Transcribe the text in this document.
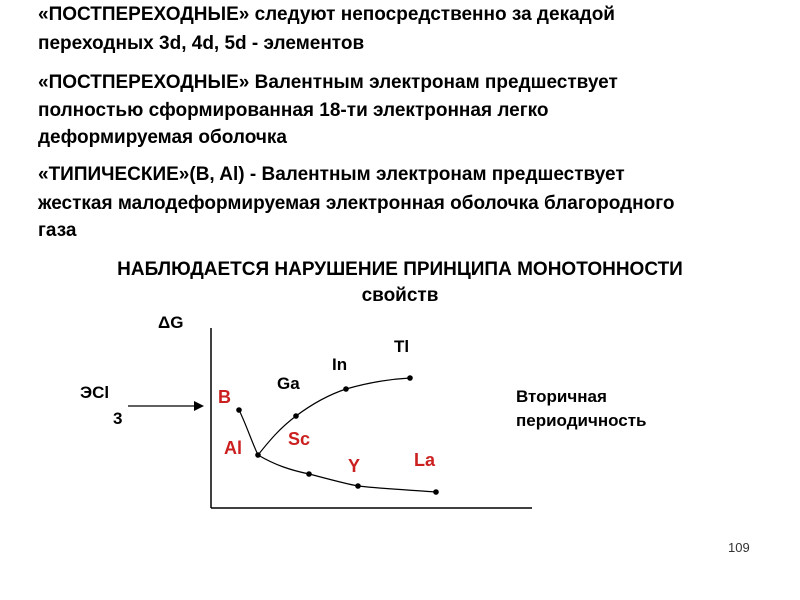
«ПОСТПЕРЕХОДНЫЕ» следуют непосредственно за декадой

переходных 3d, 4d, 5d - элементов

«ПОСТПЕРЕХОДНЫЕ» Валентным электронам предшествует

полностью сформированная 18-ти электронная легко

деформируемая оболочка

«ТИПИЧЕСКИЕ»(B, Al) - Валентным электронам предшествует

жесткая малодеформируемая электронная оболочка благородного

газа

НАБЛЮДАЕТСЯ НАРУШЕНИЕ ПРИНЦИПА МОНОТОННОСТИ
свойств
ΔG
ЭCl
3
B
Al
Ga
In
Tl
Sc
Y	La
Вторичная
периодичность
109
